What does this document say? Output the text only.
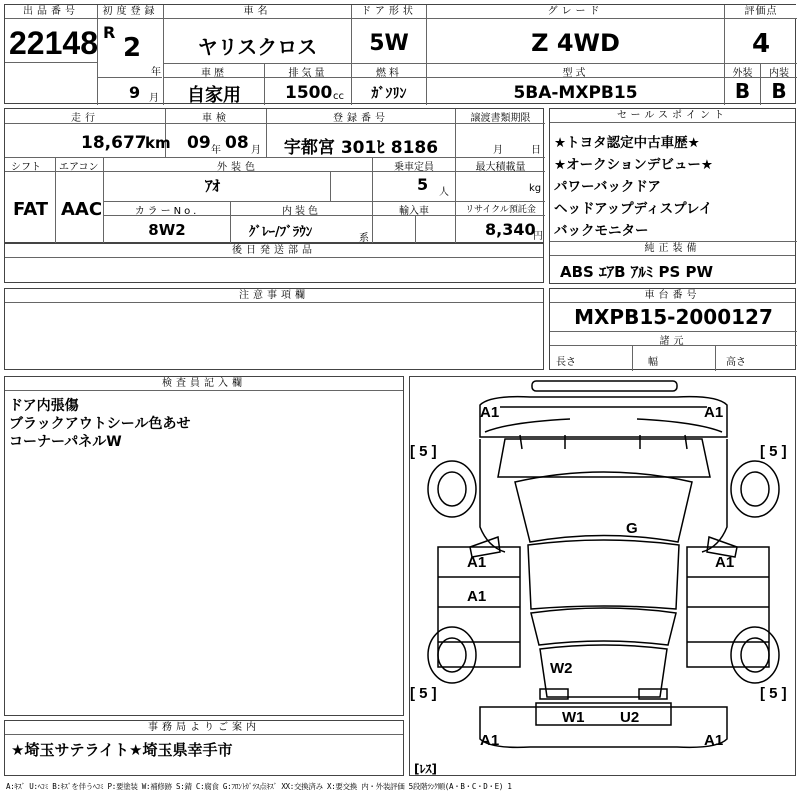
出品番号
22148
初度登録
R
2
年
9 月
車名
ヤリスクロス
ドア形状
5W
グレード
Z 4WD
評価点
4
車歴	排気量	燃料	型式
自家用	1500 cc	ｶﾞｿﾘﾝ	5BA-MXPB15
外装	内装
B	B
走行	車検	登録番号	譲渡書類期限
18,677
km 09 年 08 月	宇都宮 301ﾋ 8186	月	日
シフト エアコン	外装色	乗車定員	最大積載量
FAT AAC
ｱｵ	5 人	kg
カラーNo.	内装色	輸入車	リサイクル預託金
8W2	ｸﾞﾚｰ/ﾌﾞﾗｳﾝ	系	8,340
円
後日発送部品
注意事項欄
セールスポイント
★トヨタ認定中古車歴★
★オークションデビュー★
パワーバックドア
ヘッドアップディスプレイ
バックモニター
純正装備
ABS ｴｱB ｱﾙﾐ PS PW
車台番号
MXPB15-2000127
諸元
長さ	幅	高さ
検査員記入欄
ドア内張傷
ブラックアウトシール色あせ
コーナーパネルW
事務局よりご案内
★埼玉サテライト★埼玉県幸手市
A1	A1
[ 5 ]	[ 5 ]
G
A1	A1
A1
W2
[ 5 ]	[ 5 ]
W1 U2
A1	A1
[ﾚｽ]
A:ｷｽﾞ U:ﾍｺﾐ B:ｷｽﾞを伴うﾍｺﾐ P:要塗装 W:補修跡 S:錆 C:腐食 G:ﾌﾛﾝﾄｶﾞﾗｽ点ｷｽﾞ XX:交換済み X:要交換 内・外装評価 5段階ﾗﾝｸ順(A・B・C・D・E) 1
